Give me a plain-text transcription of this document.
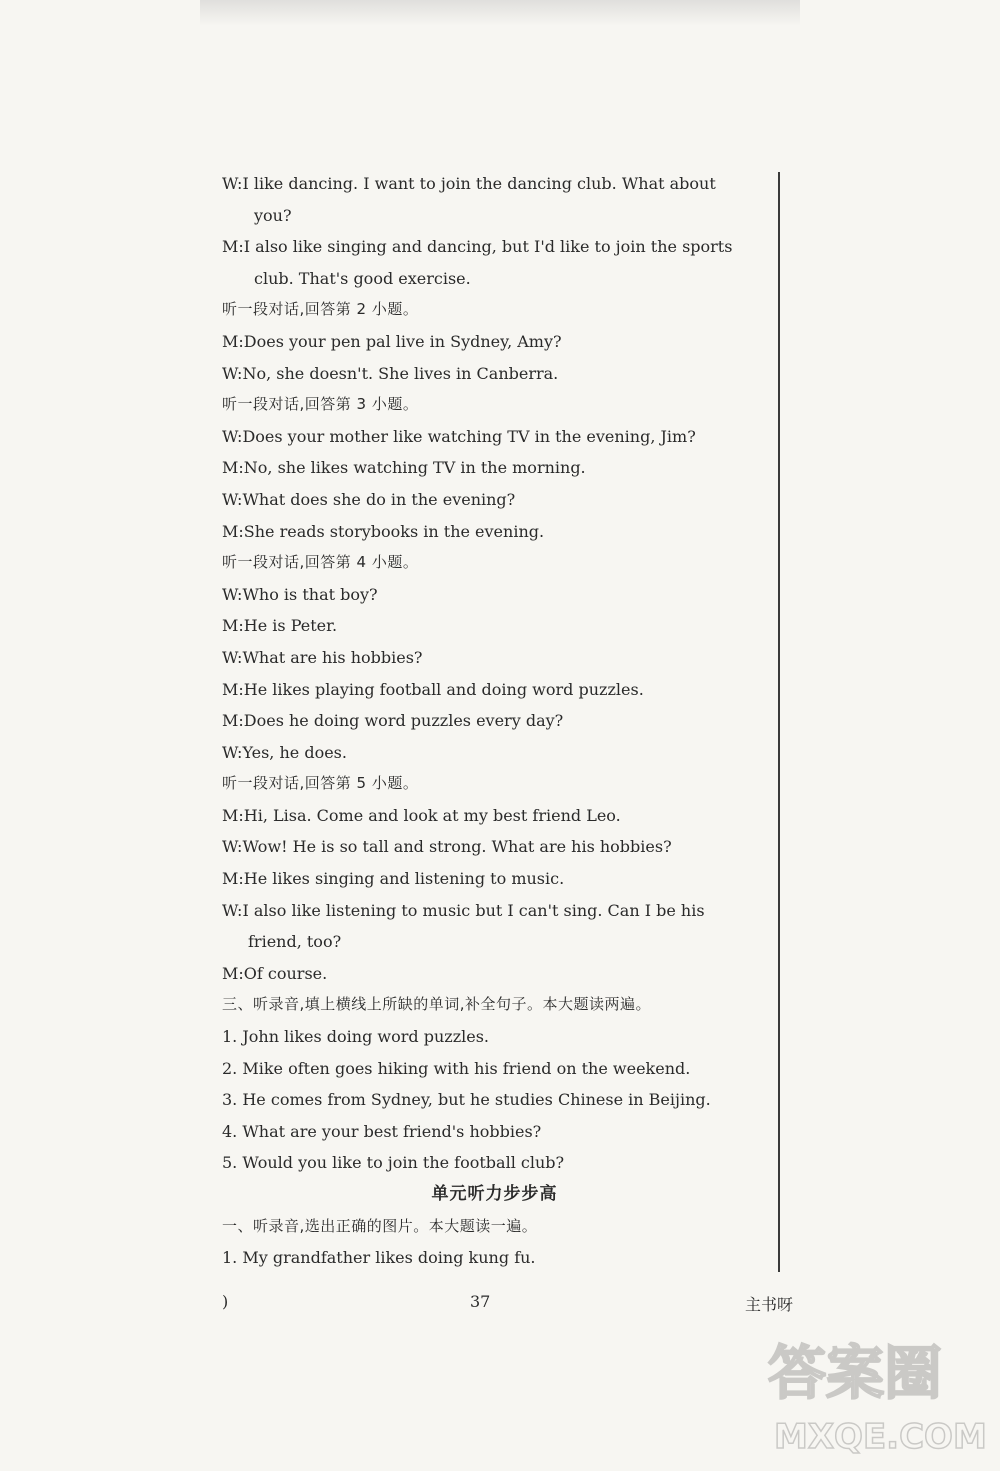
W:I like dancing. I want to join the dancing club. What about

you?

M:I also like singing and dancing, but I'd like to join the sports

club. That's good exercise.

听一段对话,回答第 2 小题。

M:Does your pen pal live in Sydney, Amy?

W:No, she doesn't. She lives in Canberra.

听一段对话,回答第 3 小题。

W:Does your mother like watching TV in the evening, Jim?

M:No, she likes watching TV in the morning.

W:What does she do in the evening?

M:She reads storybooks in the evening.

听一段对话,回答第 4 小题。

W:Who is that boy?

M:He is Peter.

W:What are his hobbies?

M:He likes playing football and doing word puzzles.

M:Does he doing word puzzles every day?

W:Yes, he does.

听一段对话,回答第 5 小题。

M:Hi, Lisa. Come and look at my best friend Leo.

W:Wow! He is so tall and strong. What are his hobbies?

M:He likes singing and listening to music.

W:I also like listening to music but I can't sing. Can I be his

friend, too?

M:Of course.

三、听录音,填上横线上所缺的单词,补全句子。本大题读两遍。

1. John likes doing word puzzles.

2. Mike often goes hiking with his friend on the weekend.

3. He comes from Sydney, but he studies Chinese in Beijing.

4. What are your best friend's hobbies?

5. Would you like to join the football club?

单元听力步步高

一、听录音,选出正确的图片。本大题读一遍。

1. My grandfather likes doing kung fu.

)	37	主书呀
答案圈
MXQE.COM
